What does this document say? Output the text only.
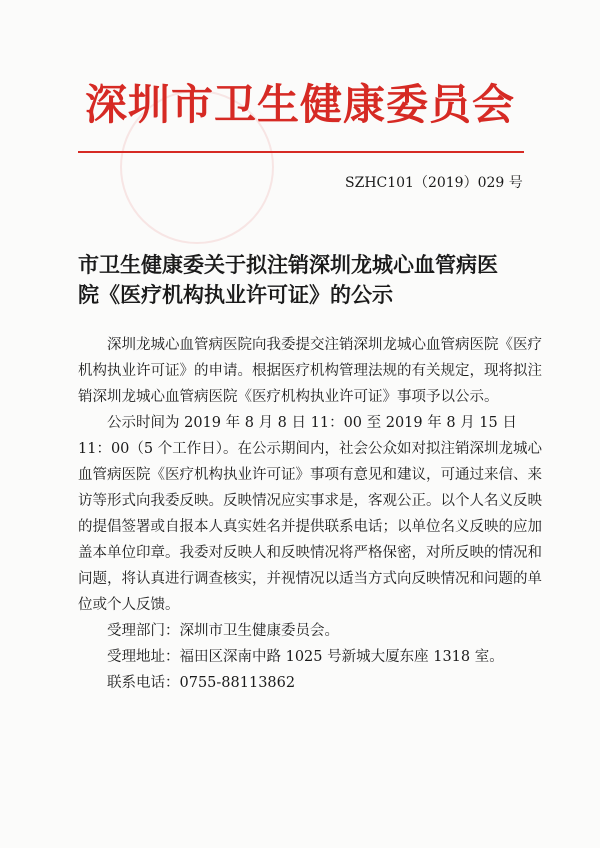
深圳市卫生健康委员会
SZHC101（2019）029 号
市卫生健康委关于拟注销深圳龙城心血管病医
院《医疗机构执业许可证》的公示

深圳龙城心血管病医院向我委提交注销深圳龙城心血管病医院《医疗机构执业许可证》的申请。根据医疗机构管理法规的有关规定，现将拟注销深圳龙城心血管病医院《医疗机构执业许可证》事项予以公示。

公示时间为 2019 年 8 月 8 日 11：00 至 2019 年 8 月 15 日 11：00（5 个工作日）。在公示期间内，社会公众如对拟注销深圳龙城心血管病医院《医疗机构执业许可证》事项有意见和建议，可通过来信、来访等形式向我委反映。反映情况应实事求是，客观公正。以个人名义反映的提倡签署或自报本人真实姓名并提供联系电话；以单位名义反映的应加盖本单位印章。我委对反映人和反映情况将严格保密，对所反映的情况和问题，将认真进行调查核实，并视情况以适当方式向反映情况和问题的单位或个人反馈。

受理部门：深圳市卫生健康委员会。

受理地址：福田区深南中路 1025 号新城大厦东座 1318 室。

联系电话：0755-88113862
